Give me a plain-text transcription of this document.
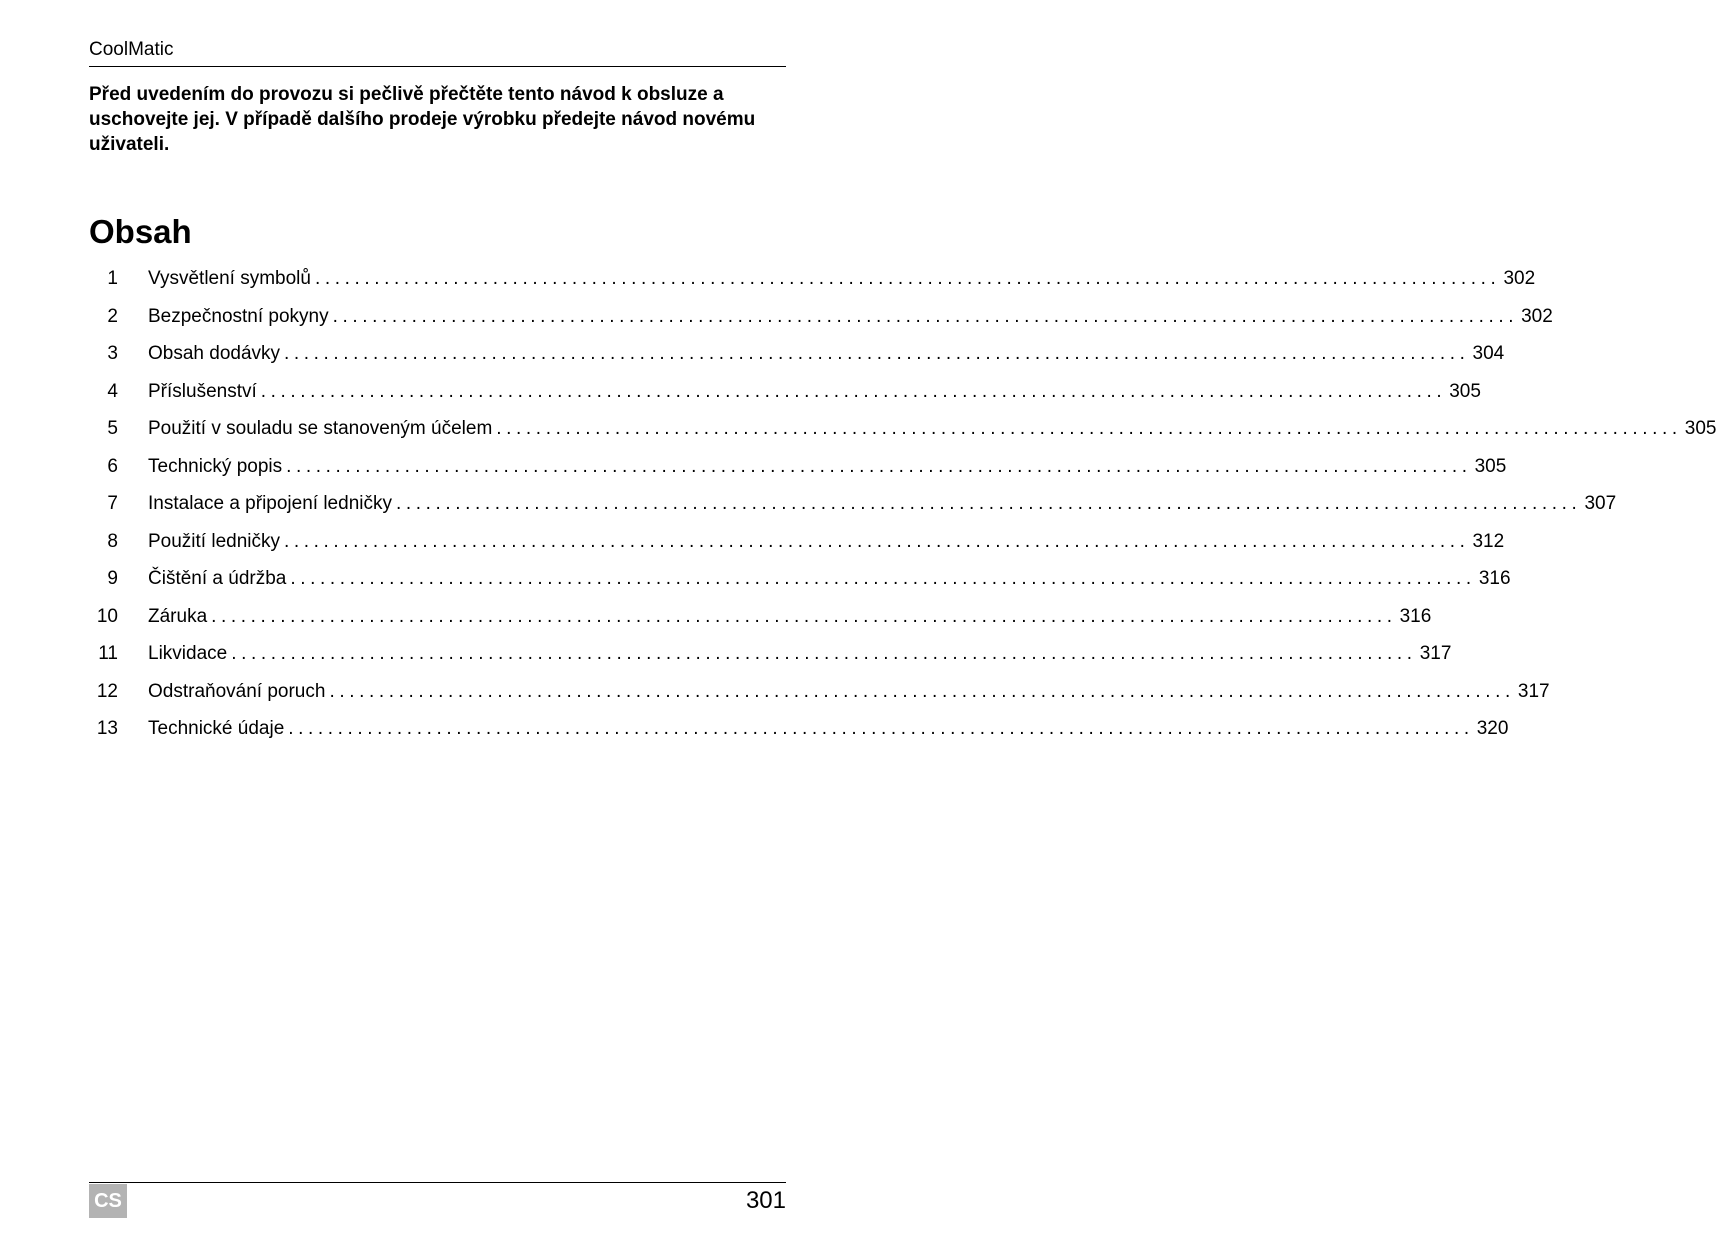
CoolMatic
Před uvedením do provozu si pečlivě přečtěte tento návod k obsluze a uschovejte jej. V případě dalšího prodeje výrobku předejte návod novému uživateli.
Obsah
1 Vysvětlení symbolů ........................................................................................................................ 302
2 Bezpečnostní pokyny ........................................................................................................................ 302
3 Obsah dodávky ........................................................................................................................ 304
4 Příslušenství ........................................................................................................................ 305
5 Použití v souladu se stanoveným účelem ........................................................................................................................ 305
6 Technický popis ........................................................................................................................ 305
7 Instalace a připojení ledničky ........................................................................................................................ 307
8 Použití ledničky ........................................................................................................................ 312
9 Čištění a údržba ........................................................................................................................ 316
10 Záruka ........................................................................................................................ 316
11 Likvidace ........................................................................................................................ 317
12 Odstraňování poruch ........................................................................................................................ 317
13 Technické údaje ........................................................................................................................ 320
CS	301
